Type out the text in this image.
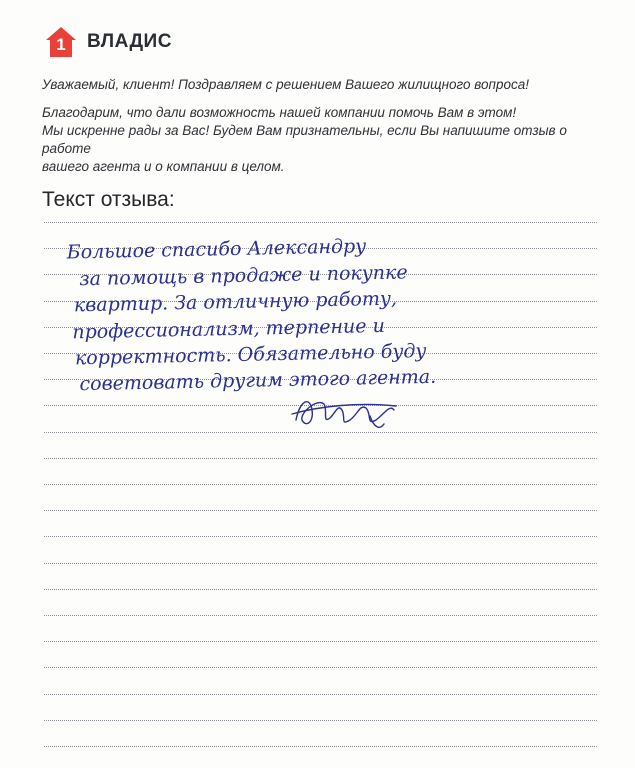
1	ВЛАДИС

Уважаемый, клиент! Поздравляем с решением Вашего жилищного вопроса!

Благодарим, что дали возможность нашей компании помочь Вам в этом!

Мы искренне рады за Вас! Будем Вам признательны, если Вы напишите отзыв о работе

вашего агента и о компании в целом.

Текст отзыва:
Большое спасибо Александру
за помощь в продаже и покупке
квартир. За отличную работу,
профессионализм, терпение и
корректность. Обязательно буду
советовать другим этого агента.
